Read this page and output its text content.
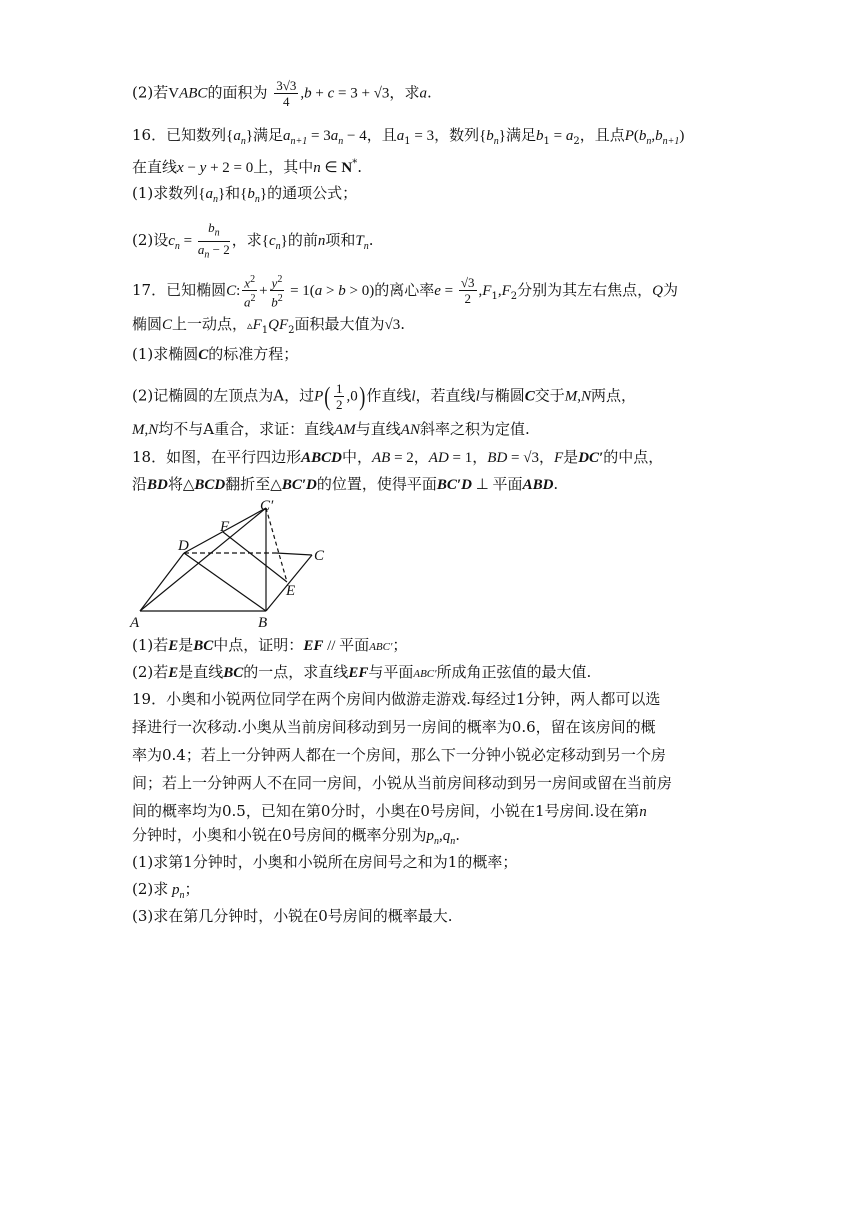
(2)若VABC的面积为 $\frac{3√3}{4} ,b + c = 3 + √3$，求a.
16．已知数列$\{a_n\}$满足$a_{n+1} = 3a_n - 4$，且$a_1 = 3$，数列$\{b_n\}$满足$b_1 = a_2$，且点$P(b_n,b_{n+1})$
在直线x − y + 2 = 0上，其中n ∈ N*.
(1)求数列$\{a_n\}$和$\{b_n\}$的通项公式；
(2)设$c_n = \frac{b_n}{a_n - 2}$ ，求$\{c_n\}$的前n项和$T_n$.
17．已知椭圆C: $\frac{x^2}{a^2} + \frac{y^2}{b^2} = 1(a > b > 0)$的离心率$e = \frac{√3}{2} ,F_1,F_2$分别为其左右焦点，Q为
椭圆C上一动点，$▵F_1QF_2$面积最大值为√3.
(1)求椭圆C的标准方程；
(2)记椭圆的左顶点为A，过$P( \frac{1}{2} ,0)$作直线l，若直线l与椭圆C交于M,N两点，
M,N均不与A重合，求证：直线AM与直线AN斜率之积为定值.
18．如图，在平行四边形ABCD中，AB = 2，AD = 1，BD = √3，F是DC′的中点，
沿BD将△BCD翻折至△BC′D的位置，使得平面BC′D ⊥ 平面ABD.
A	B
C
D
E
F
C′
(1)若E是BC中点，证明：EF // 平面ABC′；
(2)若E是直线BC的一点，求直线EF与平面ABC′所成角正弦值的最大值.
19．小奥和小锐两位同学在两个房间内做游走游戏.每经过1分钟，两人都可以选
择进行一次移动.小奥从当前房间移动到另一房间的概率为0.6，留在该房间的概
率为0.4；若上一分钟两人都在一个房间，那么下一分钟小锐必定移动到另一个房
间；若上一分钟两人不在同一房间，小锐从当前房间移动到另一房间或留在当前房
间的概率均为0.5，已知在第0分时，小奥在0号房间，小锐在1号房间.设在第n
分钟时，小奥和小锐在0号房间的概率分别为$p_n,q_n$.
(1)求第1分钟时，小奥和小锐所在房间号之和为1的概率；
(2)求 $p_n$；
(3)求在第几分钟时，小锐在0号房间的概率最大.
